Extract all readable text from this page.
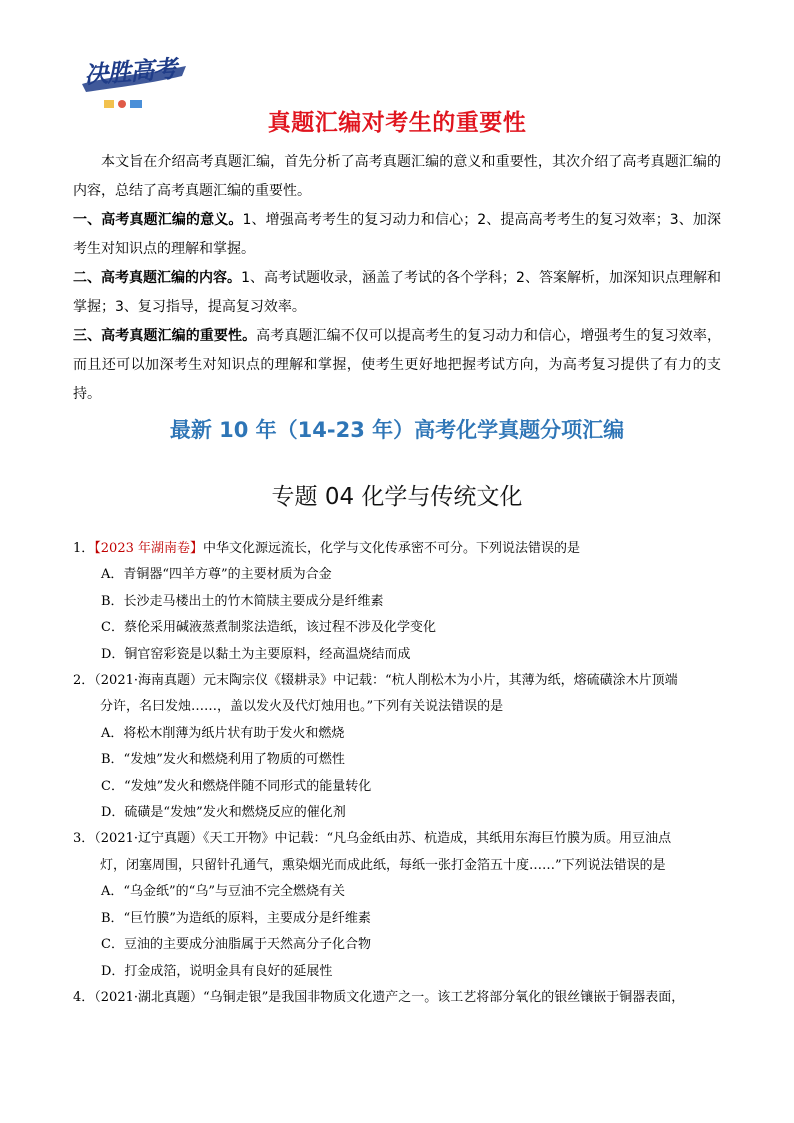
决胜高考
真题汇编对考生的重要性

本文旨在介绍高考真题汇编，首先分析了高考真题汇编的意义和重要性，其次介绍了高考真题汇编的内容，总结了高考真题汇编的重要性。

一、高考真题汇编的意义。1、增强高考考生的复习动力和信心；2、提高高考考生的复习效率；3、加深考生对知识点的理解和掌握。

二、高考真题汇编的内容。1、高考试题收录，涵盖了考试的各个学科；2、答案解析，加深知识点理解和掌握；3、复习指导，提高复习效率。

三、高考真题汇编的重要性。高考真题汇编不仅可以提高考生的复习动力和信心，增强考生的复习效率，而且还可以加深考生对知识点的理解和掌握，使考生更好地把握考试方向，为高考复习提供了有力的支持。

最新 10 年（14-23 年）高考化学真题分项汇编
专题 04 化学与传统文化

1．【2023 年湖南卷】中华文化源远流长，化学与文化传承密不可分。下列说法错误的是

A．青铜器“四羊方尊”的主要材质为合金

B．长沙走马楼出土的竹木简牍主要成分是纤维素

C．蔡伦采用碱液蒸煮制浆法造纸，该过程不涉及化学变化

D．铜官窑彩瓷是以黏土为主要原料，经高温烧结而成

2．（2021·海南真题）元末陶宗仪《辍耕录》中记载：“杭人削松木为小片，其薄为纸，熔硫磺涂木片顶端

分许，名曰发烛……，盖以发火及代灯烛用也。”下列有关说法错误的是

A．将松木削薄为纸片状有助于发火和燃烧

B．“发烛”发火和燃烧利用了物质的可燃性

C．“发烛”发火和燃烧伴随不同形式的能量转化

D．硫磺是“发烛”发火和燃烧反应的催化剂

3．（2021·辽宁真题）《天工开物》中记载：“凡乌金纸由苏、杭造成，其纸用东海巨竹膜为质。用豆油点

灯，闭塞周围，只留针孔通气，熏染烟光而成此纸，每纸一张打金箔五十度……”下列说法错误的是

A．“乌金纸”的“乌”与豆油不完全燃烧有关

B．“巨竹膜”为造纸的原料，主要成分是纤维素

C．豆油的主要成分油脂属于天然高分子化合物

D．打金成箔，说明金具有良好的延展性

4．（2021·湖北真题）“乌铜走银”是我国非物质文化遗产之一。该工艺将部分氧化的银丝镶嵌于铜器表面，
